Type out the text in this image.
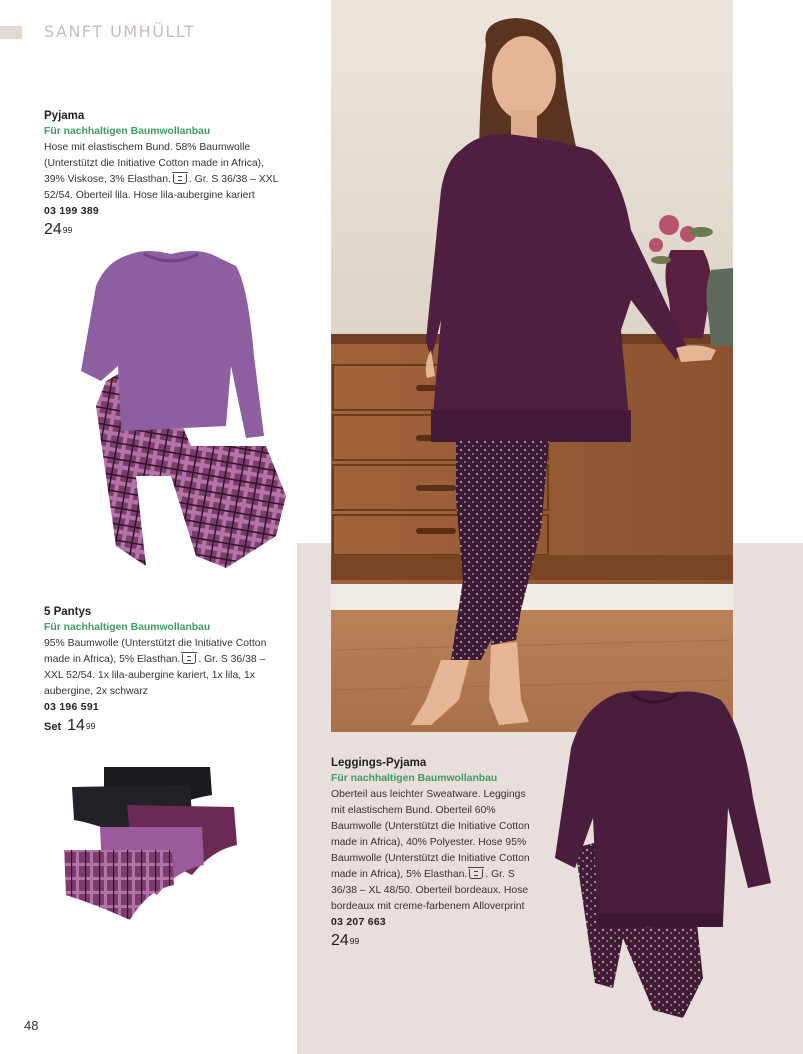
SANFT UMHÜLLT
Pyjama
Für nachhaltigen Baumwollanbau
Hose mit elastischem Bund. 58% Baumwolle (Unterstützt die Initiative Cotton made in Africa), 39% Viskose, 3% Elasthan. . Gr. S 36/38 – XXL 52/54. Oberteil lila. Hose lila-aubergine kariert
03 199 389
$24^{99}$
5 Pantys
Für nachhaltigen Baumwollanbau
95% Baumwolle (Unterstützt die Initiative Cotton made in Africa), 5% Elasthan. . Gr. S 36/38 – XXL 52/54. 1x lila-aubergine kariert, 1x lila, 1x aubergine, 2x schwarz
03 196 591
Set $14^{99}$
Leggings-Pyjama
Für nachhaltigen Baumwollanbau
Oberteil aus leichter Sweatware. Leggings mit elastischem Bund. Oberteil 60% Baumwolle (Unterstützt die Initiative Cotton made in Africa), 40% Polyester. Hose 95% Baumwolle (Unterstützt die Initiative Cotton made in Africa), 5% Elasthan. . Gr. S 36/38 – XL 48/50. Oberteil bordeaux. Hose bordeaux mit creme-farbenem Alloverprint
03 207 663
$24^{99}$
48
